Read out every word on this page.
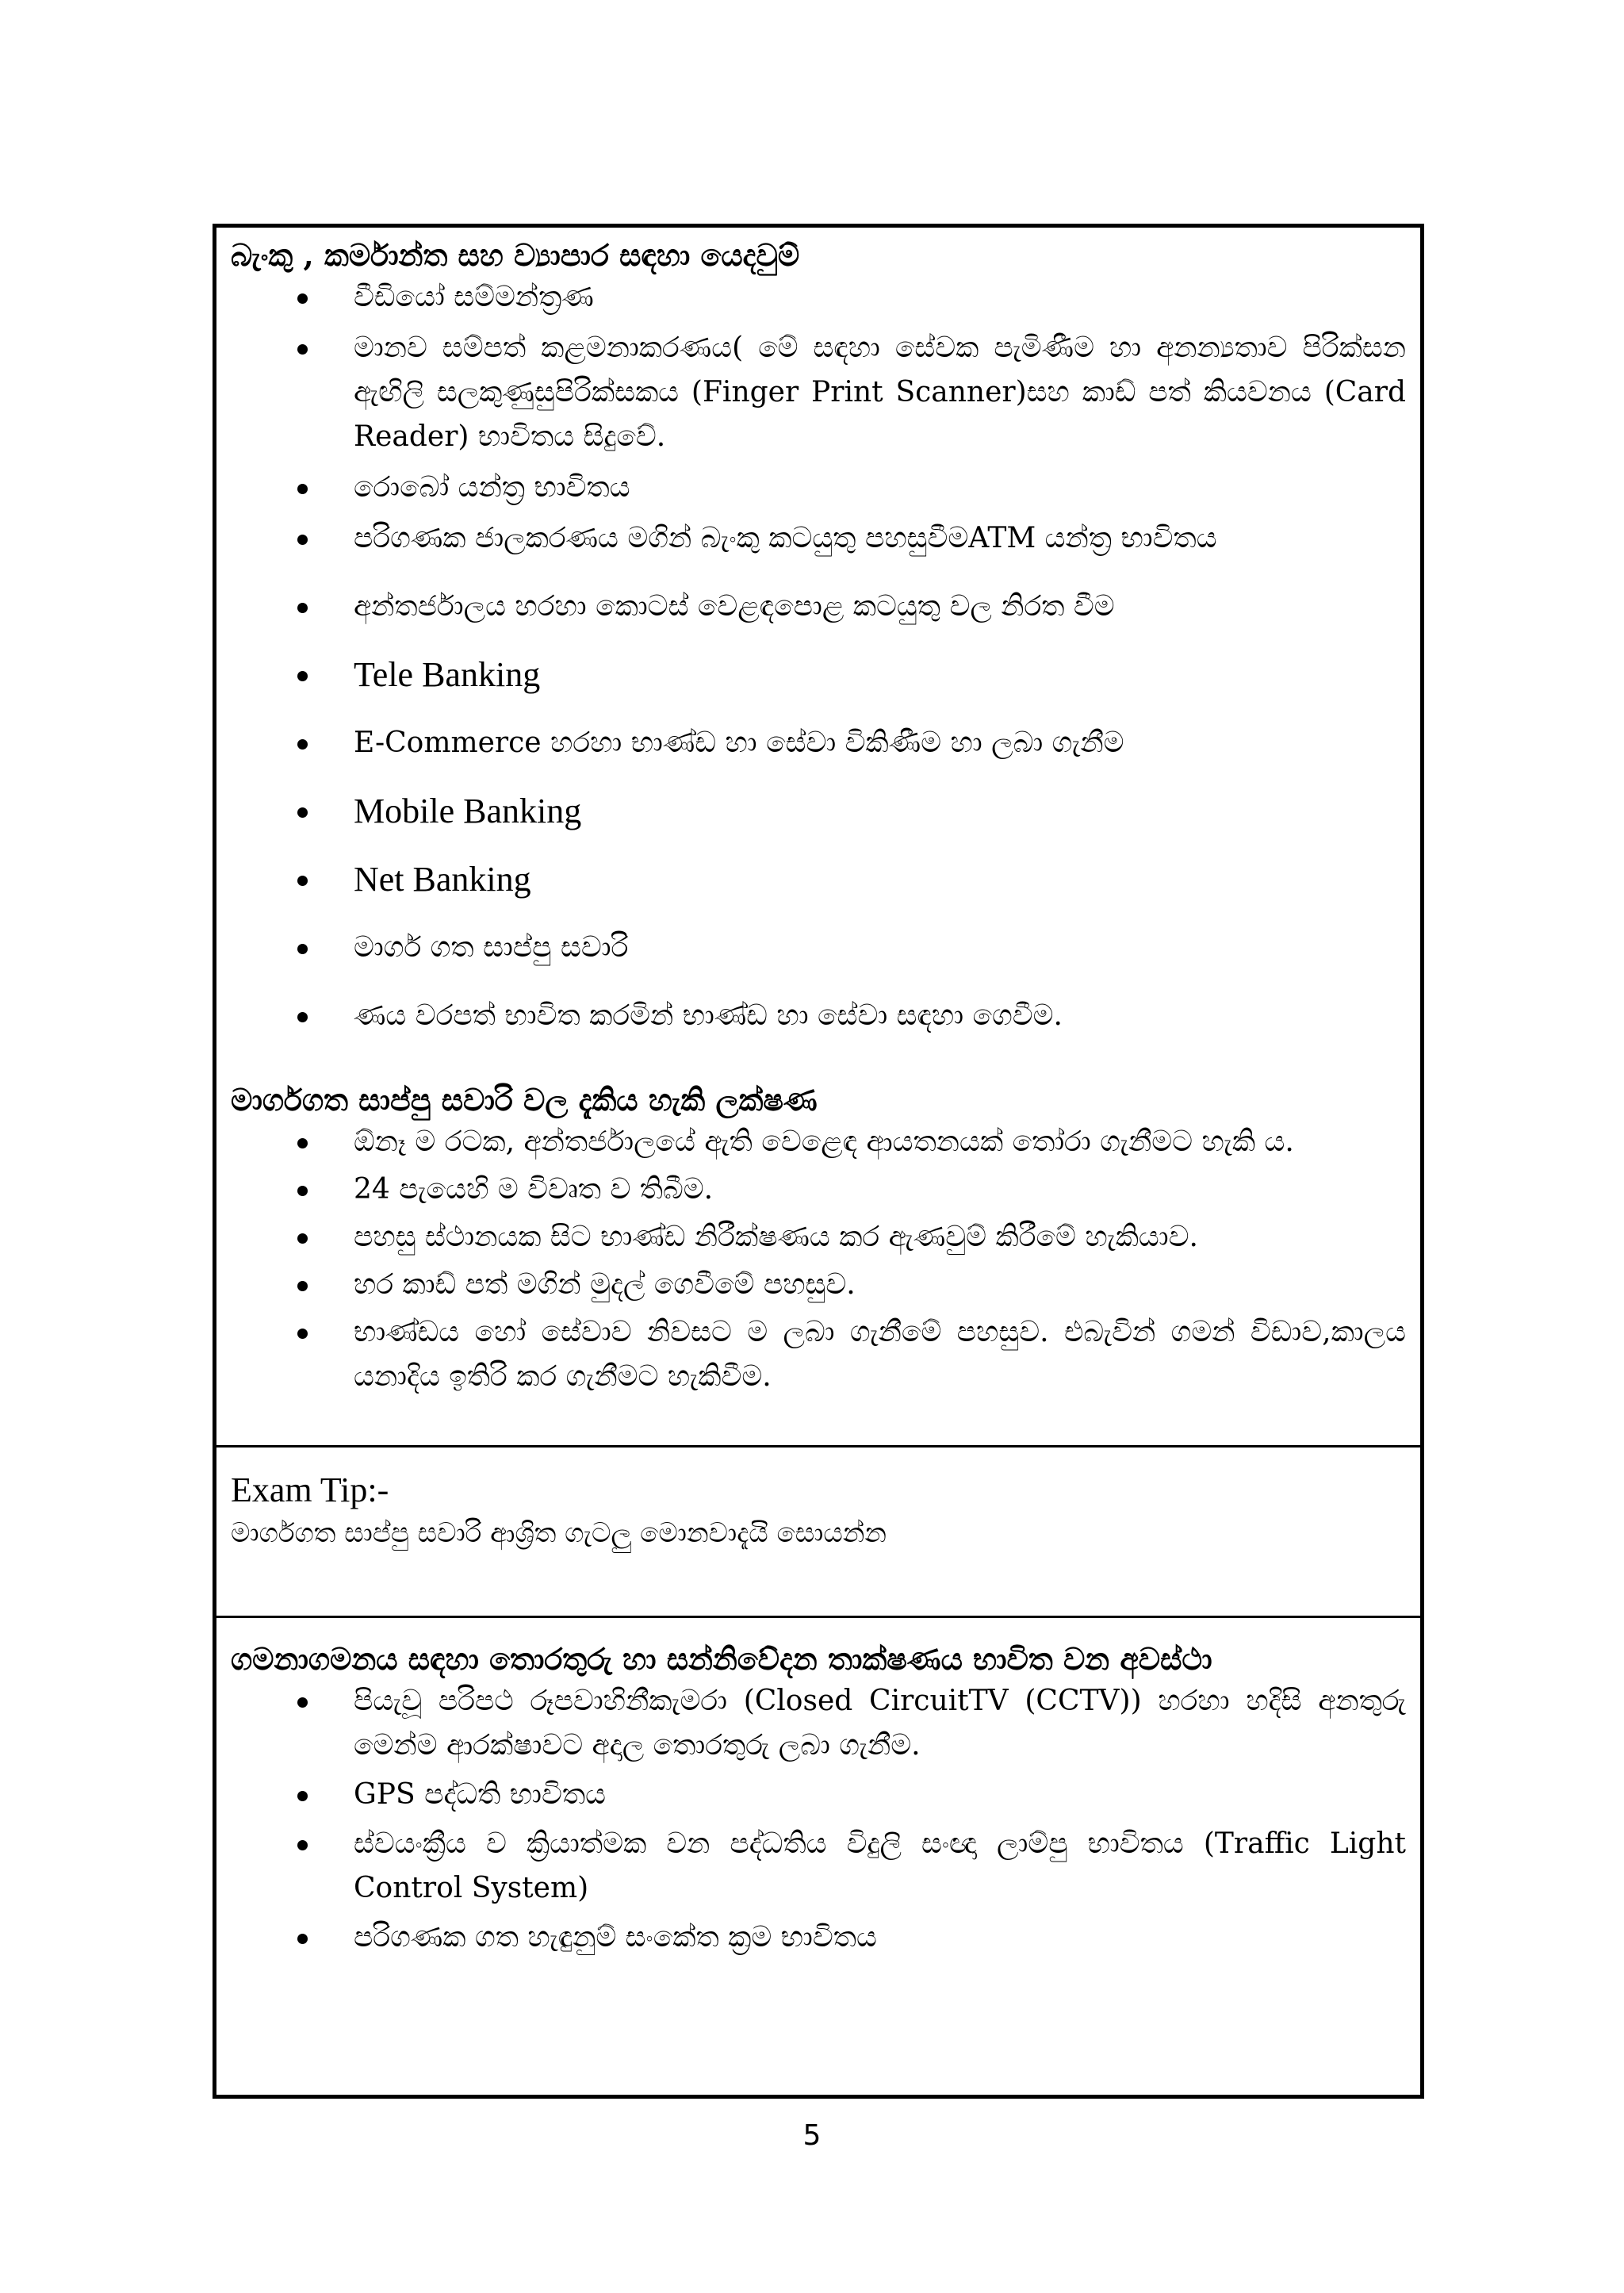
බැංකු , කර්මාන්ත සහ ව්‍යාපාර සඳහා යෙදවුම්

වීඩියෝ සම්මන්ත්‍රණ
මානව සම්පත් කළමනාකරණය( මේ සඳහා සේවක පැමිණීම හා අනන්‍යතාව පිරික්සන ඇඟිලි සලකුණුසුපිරික්සකය (Finger Print Scanner)සහ කාඩ් පත් කියවනය (Card Reader) භාවිතය සිදුවේ.
රොබෝ යන්ත්‍ර භාවිතය
පරිගණක ජාලකරණය මගින් බැංකු කටයුතු පහසුවීමATM යන්ත්‍ර භාවිතය
අන්තර්ජාලය හරහා කොටස් වෙළඳපොළ කටයුතු වල නිරත වීම
Tele Banking
E-Commerce හරහා භාණ්ඩ හා සේවා විකිණීම හා ලබා ගැනීම
Mobile Banking
Net Banking
මාර්ග ගත සාප්පු සවාරි
ණය වරපත් භාවිත කරමින් භාණ්ඩ හා සේවා සඳහා ගෙවීම.

මාර්ගගත සාප්පු සවාරි වල දැකිය හැකි ලක්ෂණ

ඕනෑ ම රටක, අන්තර්ජාලයේ ඇති වෙළෙඳ ආයතනයක් තෝරා ගැනීමට හැකි ය.
24 පැයෙහි ම විවෘත ව තිබීම.
පහසු ස්ථානයක සිට භාණ්ඩ නිරීක්ෂණය කර ඇණවුම් කිරීමේ හැකියාව.
හර කාඩ් පත් මගින් මුදල් ගෙවීමේ පහසුව.
භාණ්ඩය හෝ සේවාව නිවසට ම ලබා ගැනීමේ පහසුව. එබැවින් ගමන් විඩාව,කාලය යනාදිය ඉතිරි කර ගැනීමට හැකිවීම.
Exam Tip:-
මාර්ගගත සාප්පු සවාරි ආශ්‍රිත ගැටලු මොනවාදැයි සොයන්න

ගමනාගමනය සඳහා තොරතුරු හා සන්නිවේදන තාක්ෂණය භාවිත වන අවස්ථා

පියැවූ පරිපථ රූපවාහිනීකැමරා (Closed CircuitTV (CCTV)) හරහා හදිසි අනතුරු මෙන්ම ආරක්ෂාවට අදාල තොරතුරු ලබා ගැනීම.
GPS පද්ධති භාවිතය
ස්වයංක්‍රීය ව ක්‍රියාත්මක වන පද්ධතිය විදුලි සංඥා ලාම්පු භාවිතය (Traffic Light Control System)
පරිගණක ගත හැඳුනුම් සංකේත ක්‍රම භාවිතය
5
